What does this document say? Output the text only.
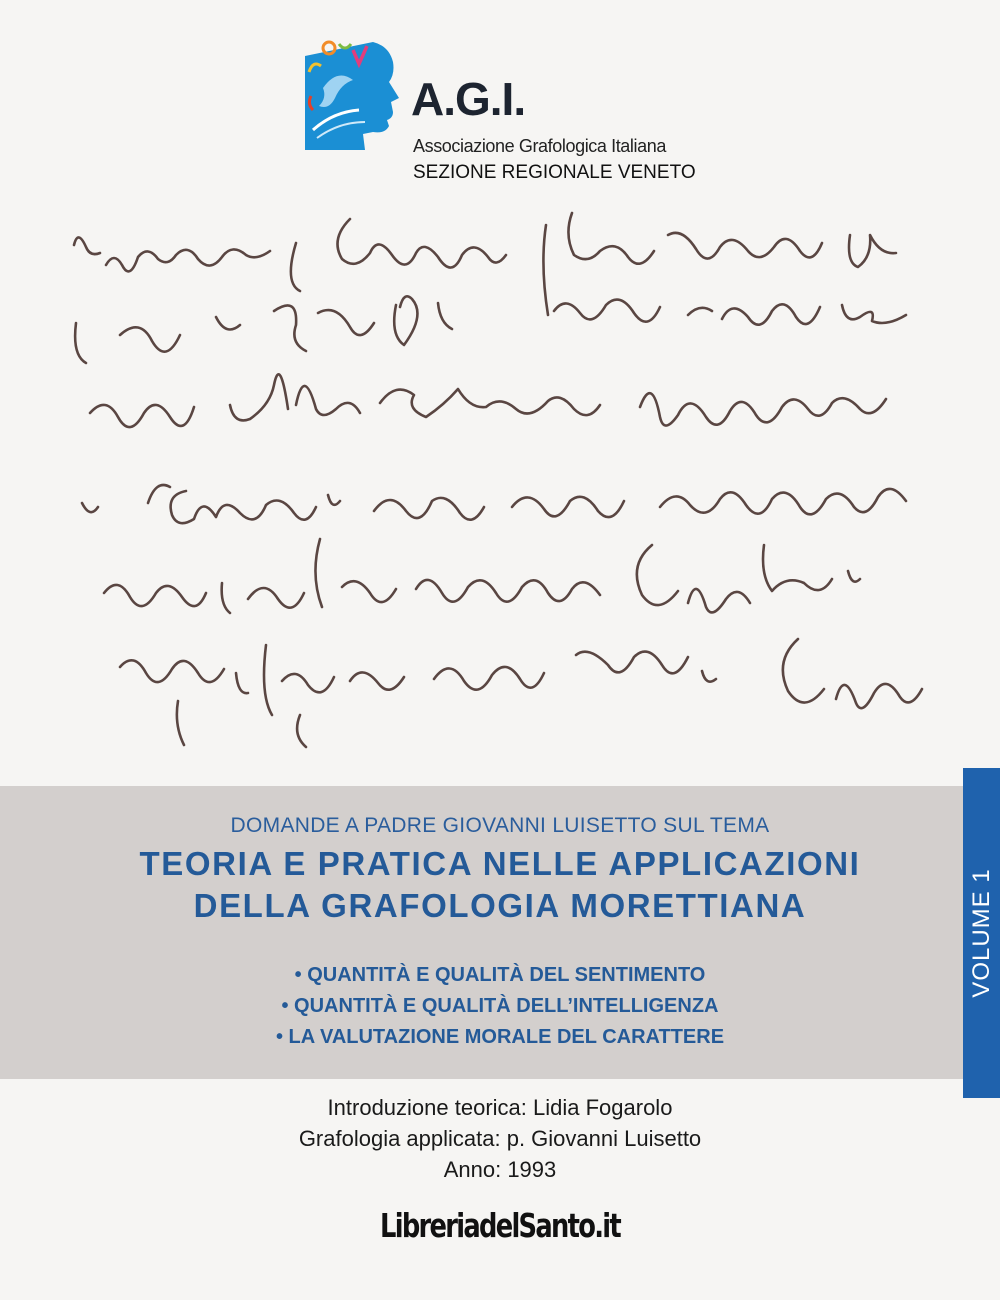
A.G.I.
Associazione Grafologica Italiana
SEZIONE REGIONALE VENETO
DOMANDE A PADRE GIOVANNI LUISETTO SUL TEMA
TEORIA E PRATICA NELLE APPLICAZIONI
DELLA GRAFOLOGIA MORETTIANA
• QUANTITÀ E QUALITÀ DEL SENTIMENTO
• QUANTITÀ E QUALITÀ DELL’INTELLIGENZA
• LA VALUTAZIONE MORALE DEL CARATTERE
VOLUME 1
Introduzione teorica: Lidia Fogarolo
Grafologia applicata: p. Giovanni Luisetto
Anno: 1993
LibreriadelSanto.it
